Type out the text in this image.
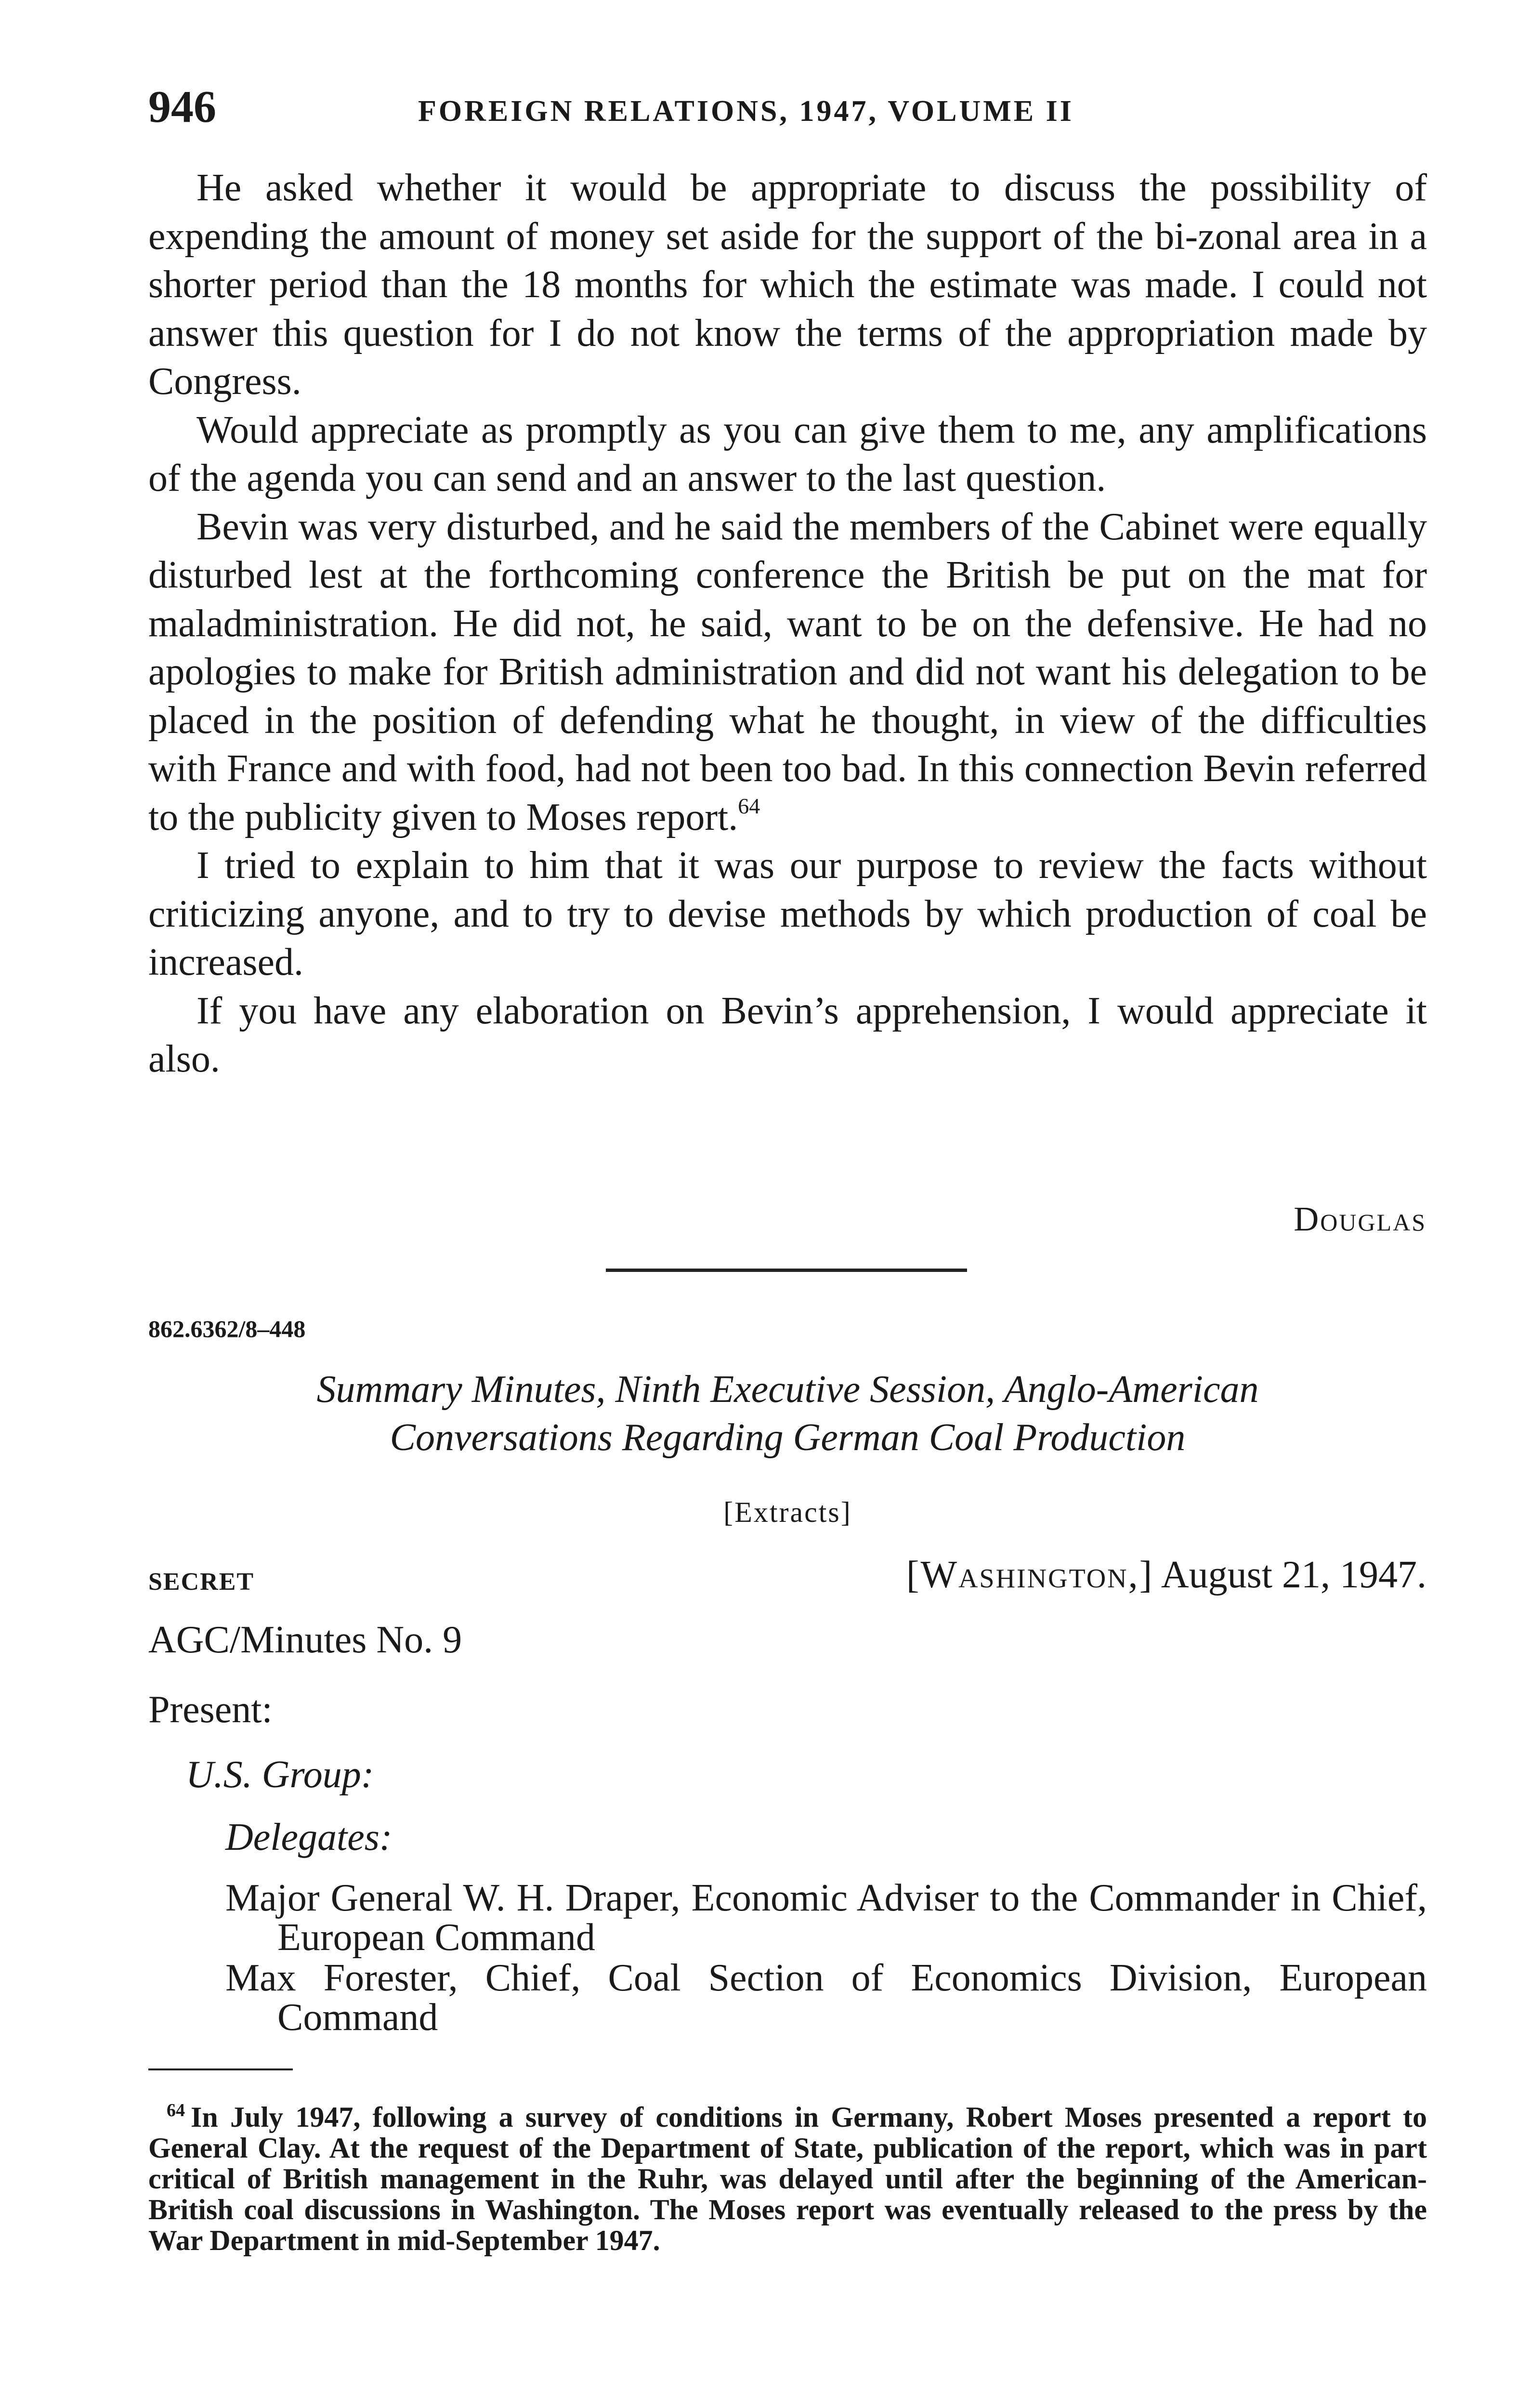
946	FOREIGN RELATIONS, 1947, VOLUME II

He asked whether it would be appropriate to discuss the possibility of expending the amount of money set aside for the support of the bi-zonal area in a shorter period than the 18 months for which the estimate was made. I could not answer this question for I do not know the terms of the appropriation made by Congress.

Would appreciate as promptly as you can give them to me, any amplifications of the agenda you can send and an answer to the last question.

Bevin was very disturbed, and he said the members of the Cabinet were equally disturbed lest at the forthcoming conference the British be put on the mat for maladministration. He did not, he said, want to be on the defensive. He had no apologies to make for British administration and did not want his delegation to be placed in the position of defending what he thought, in view of the difficulties with France and with food, had not been too bad. In this connection Bevin referred to the publicity given to Moses report.$^{64}$

I tried to explain to him that it was our purpose to review the facts without criticizing anyone, and to try to devise methods by which production of coal be increased.

If you have any elaboration on Bevin’s apprehension, I would appreciate it also.

Douglas
862.6362/8–448
Summary Minutes, Ninth Executive Session, Anglo-American
Conversations Regarding German Coal Production
[Extracts]
SECRET	[Washington,] August 21, 1947.
AGC/Minutes No. 9
Present:
U.S. Group:
Delegates:

Major General W. H. Draper, Economic Adviser to the Commander in Chief, European Command

Max Forester, Chief, Coal Section of Economics Division, European Command

$^{64}$ In July 1947, following a survey of conditions in Germany, Robert Moses presented a report to General Clay. At the request of the Department of State, publication of the report, which was in part critical of British management in the Ruhr, was delayed until after the beginning of the American-British coal discussions in Washington. The Moses report was eventually released to the press by the War Department in mid-September 1947.
